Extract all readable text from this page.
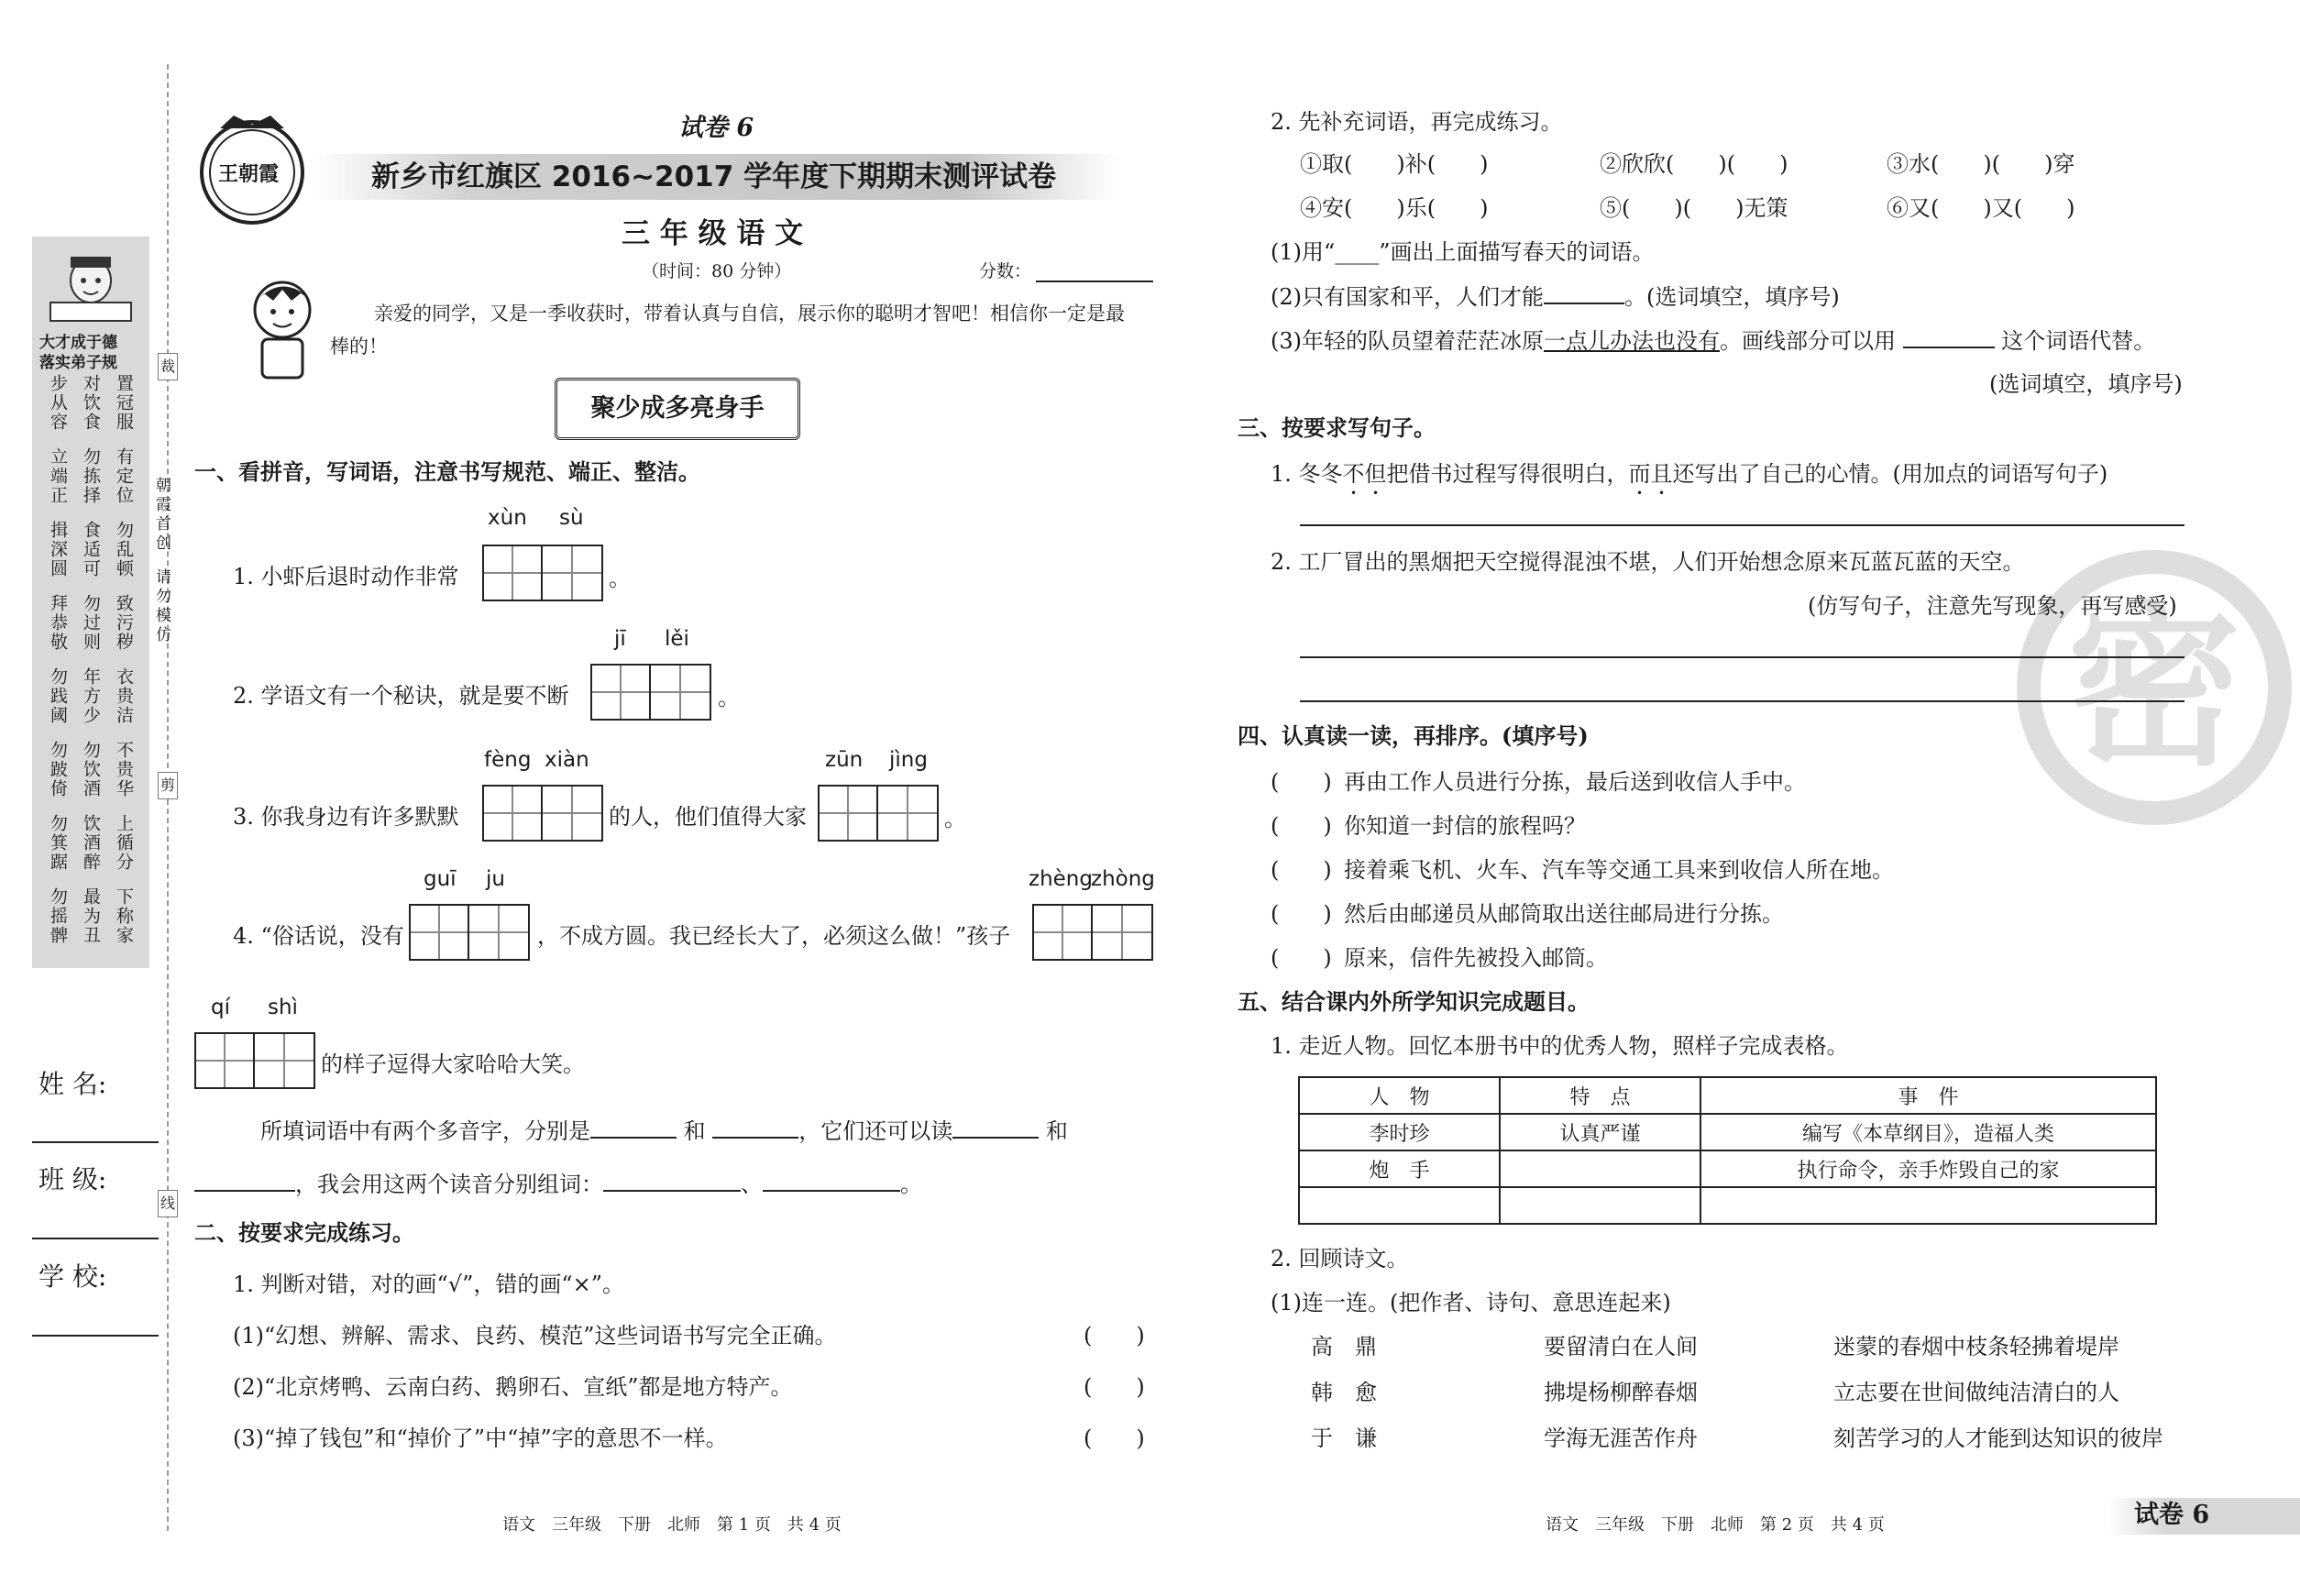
大才成于德
落实弟子规
步从容 对饮食 置冠服
立端正 勿拣择 有定位
揖深圆 食适可 勿乱顿
拜恭敬 勿过则 致污秽
勿践阈 年方少 衣贵洁
勿跛倚 勿饮酒 不贵华
勿箕踞 饮酒醉 上循分
勿摇髀 最为丑 下称家
朝霞首创
请勿模仿
裁
剪
线
姓 名:
班 级:
学 校:
王朝霞
试卷 6
新乡市红旗区 2016~2017 学年度下期期末测评试卷
三 年 级 语 文
（时间：80 分钟）	分数：
亲爱的同学，又是一季收获时，带着认真与自信，展示你的聪明才智吧！相信你一定是最
棒的！
聚少成多亮身手
一、看拼音，写词语，注意书写规范、端正、整洁。
xùn sù
1. 小虾后退时动作非常	。
jī lěi
2. 学语文有一个秘诀，就是要不断	。
fèng xiàn
3. 你我身边有许多默默	的人，他们值得大家
zūn jìng
。
guī ju
4. “俗话说，没有	，不成方圆。我已经长大了，必须这么做！”孩子
zhèng
zhòng
qí shì
的样子逗得大家哈哈大笑。
所填词语中有两个多音字，分别是	和	，它们还可以读	和
，我会用这两个读音分别组词：	、	。
二、按要求完成练习。
1. 判断对错，对的画“√”，错的画“×”。
(1)“幻想、辨解、需求、良药、模范”这些词语书写完全正确。	(　　)
(2)“北京烤鸭、云南白药、鹅卵石、宣纸”都是地方特产。	(　　)
(3)“掉了钱包”和“掉价了”中“掉”字的意思不一样。	(　　)
语文　三年级　下册　北师　第 1 页　共 4 页
密
2. 先补充词语，再完成练习。
①取(　　)补(　　)	②欣欣(　　)(　　)	③水(　　)(　　)穿
④安(　　)乐(　　)	⑤(　　)(　　)无策	⑥又(　　)又(　　)
(1)用“____”画出上面描写春天的词语。
(2)只有国家和平，人们才能	。(选词填空，填序号)
(3)年轻的队员望着茫茫冰原一点儿办法也没有。画线部分可以用	这个词语代替。
(选词填空，填序号)
三、按要求写句子。
1. 冬冬不但把借书过程写得很明白，而且还写出了自己的心情。(用加点的词语写句子)
2. 工厂冒出的黑烟把天空搅得混浊不堪，人们开始想念原来瓦蓝瓦蓝的天空。
(仿写句子，注意先写现象，再写感受)
四、认真读一读，再排序。(填序号)
(　　) 再由工作人员进行分拣，最后送到收信人手中。
(　　) 你知道一封信的旅程吗？
(　　) 接着乘飞机、火车、汽车等交通工具来到收信人所在地。
(　　) 然后由邮递员从邮筒取出送往邮局进行分拣。
(　　) 原来，信件先被投入邮筒。
五、结合课内外所学知识完成题目。
1. 走近人物。回忆本册书中的优秀人物，照样子完成表格。
人　物	特　点	事　件
李时珍	认真严谨	编写《本草纲目》，造福人类
炮　手		执行命令，亲手炸毁自己的家

2. 回顾诗文。
(1)连一连。(把作者、诗句、意思连起来)
高　鼎	要留清白在人间	迷蒙的春烟中枝条轻拂着堤岸
韩　愈	拂堤杨柳醉春烟	立志要在世间做纯洁清白的人
于　谦	学海无涯苦作舟	刻苦学习的人才能到达知识的彼岸
语文　三年级　下册　北师　第 2 页　共 4 页	试卷 6
